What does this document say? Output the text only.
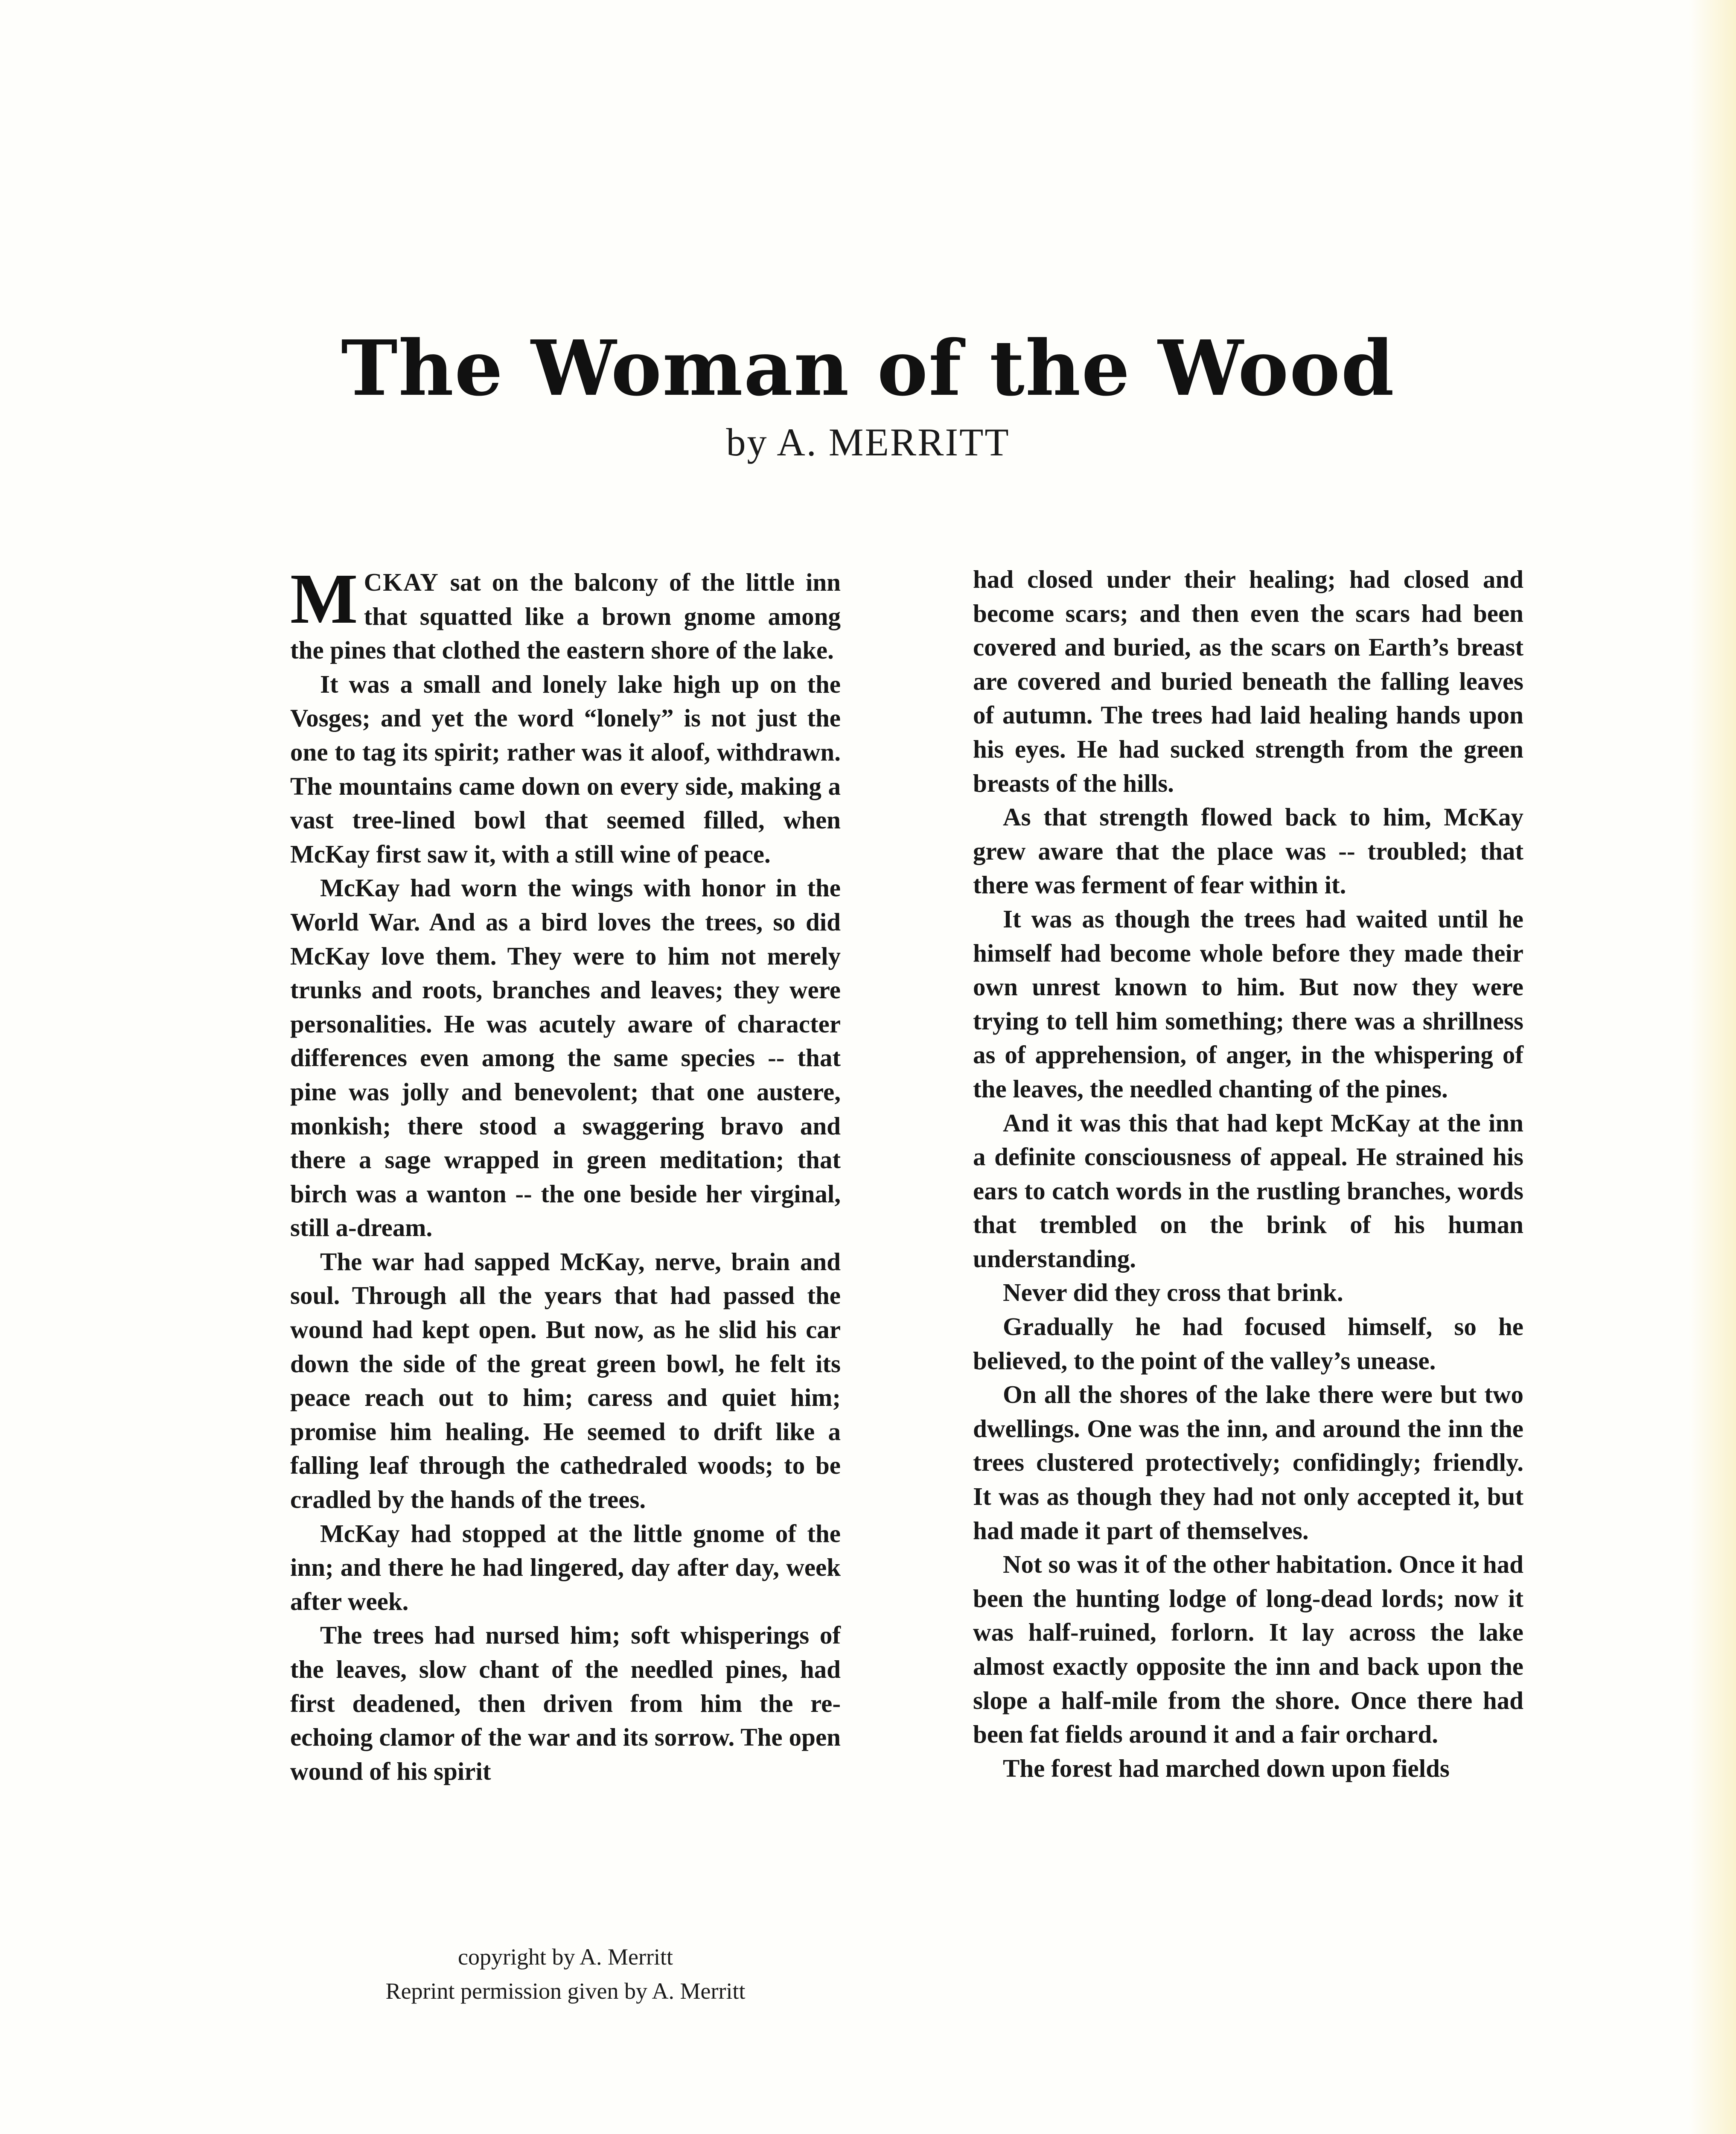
The Woman of the Wood
by A. MERRITT

MCKAY sat on the balcony of the little inn that squatted like a brown gnome among the pines that clothed the eastern shore of the lake.

It was a small and lonely lake high up on the Vosges; and yet the word “lonely” is not just the one to tag its spirit; rather was it aloof, withdrawn. The mountains came down on every side, making a vast tree-lined bowl that seemed filled, when McKay first saw it, with a still wine of peace.

McKay had worn the wings with honor in the World War. And as a bird loves the trees, so did McKay love them. They were to him not merely trunks and roots, branches and leaves; they were personalities. He was acutely aware of character differences even among the same species -- that pine was jolly and benevolent; that one austere, monkish; there stood a swaggering bravo and there a sage wrapped in green meditation; that birch was a wanton -- the one beside her virginal, still a-dream.

The war had sapped McKay, nerve, brain and soul. Through all the years that had passed the wound had kept open. But now, as he slid his car down the side of the great green bowl, he felt its peace reach out to him; caress and quiet him; promise him healing. He seemed to drift like a falling leaf through the cathedraled woods; to be cradled by the hands of the trees.

McKay had stopped at the little gnome of the inn; and there he had lingered, day after day, week after week.

The trees had nursed him; soft whisperings of the leaves, slow chant of the needled pines, had first deadened, then driven from him the re-echoing clamor of the war and its sorrow. The open wound of his spirit

copyright by A. Merritt
Reprint permission given by A. Merritt

had closed under their healing; had closed and become scars; and then even the scars had been covered and buried, as the scars on Earth’s breast are covered and buried beneath the falling leaves of autumn. The trees had laid healing hands upon his eyes. He had sucked strength from the green breasts of the hills.

As that strength flowed back to him, McKay grew aware that the place was -- troubled; that there was ferment of fear within it.

It was as though the trees had waited until he himself had become whole before they made their own unrest known to him. But now they were trying to tell him something; there was a shrillness as of apprehension, of anger, in the whispering of the leaves, the needled chanting of the pines.

And it was this that had kept McKay at the inn a definite consciousness of appeal. He strained his ears to catch words in the rustling branches, words that trembled on the brink of his human understanding.

Never did they cross that brink.

Gradually he had focused himself, so he believed, to the point of the valley’s unease.

On all the shores of the lake there were but two dwellings. One was the inn, and around the inn the trees clustered protectively; confidingly; friendly. It was as though they had not only accepted it, but had made it part of themselves.

Not so was it of the other habitation. Once it had been the hunting lodge of long-dead lords; now it was half-ruined, forlorn. It lay across the lake almost exactly opposite the inn and back upon the slope a half-mile from the shore. Once there had been fat fields around it and a fair orchard.

The forest had marched down upon fields
